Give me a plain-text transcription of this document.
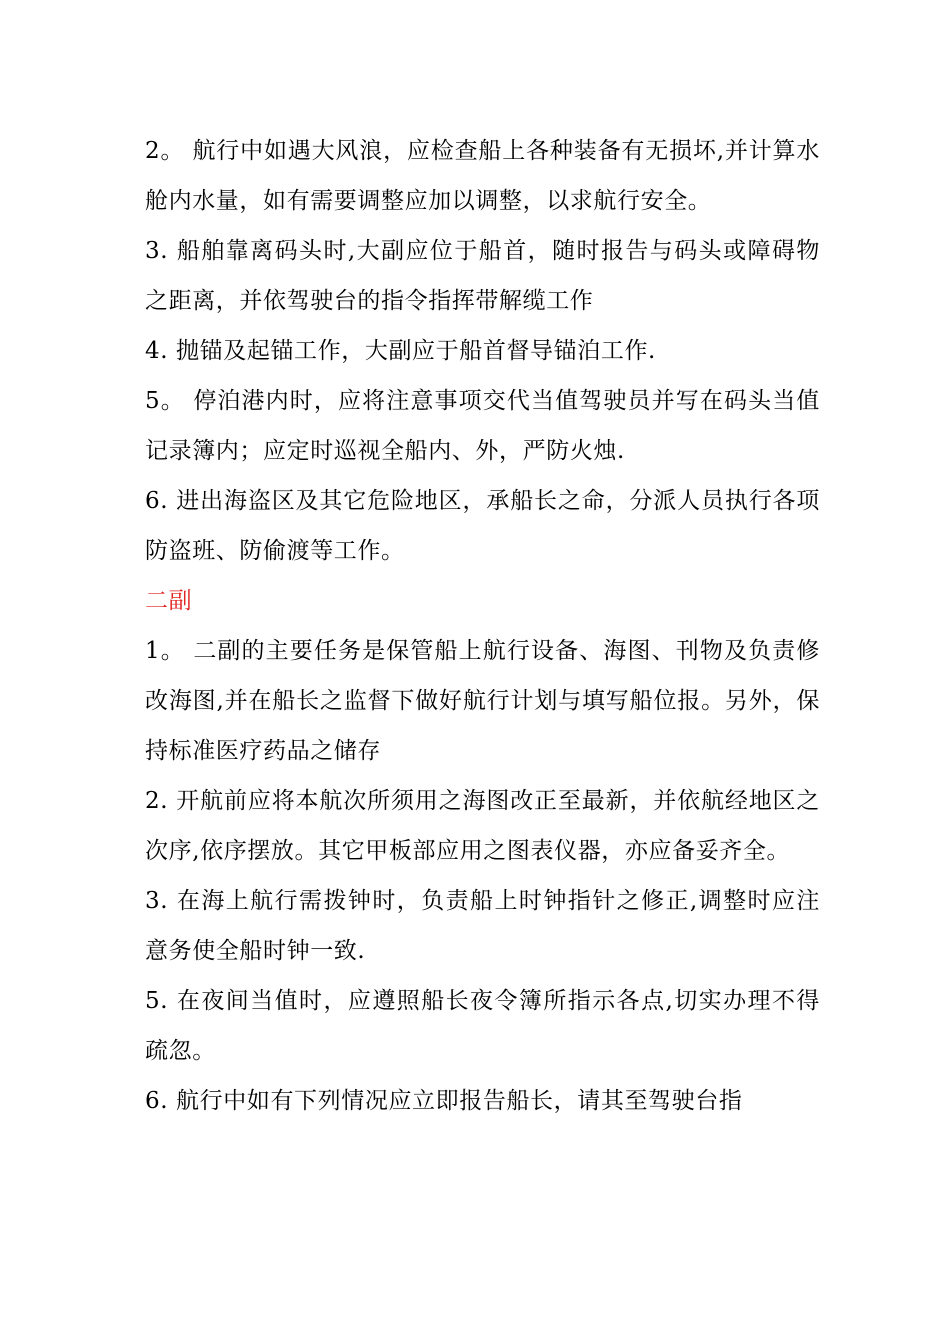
2。 航行中如遇大风浪，应检查船上各种装备有无损坏,并计算水舱内水量，如有需要调整应加以调整，以求航行安全。

3. 船舶靠离码头时,大副应位于船首，随时报告与码头或障碍物之距离，并依驾驶台的指令指挥带解缆工作

4. 抛锚及起锚工作，大副应于船首督导锚泊工作.

5。 停泊港内时，应将注意事项交代当值驾驶员并写在码头当值记录簿内；应定时巡视全船内、外，严防火烛.

6. 进出海盗区及其它危险地区，承船长之命，分派人员执行各项防盗班、防偷渡等工作。

二副

1。 二副的主要任务是保管船上航行设备、海图、刊物及负责修改海图,并在船长之监督下做好航行计划与填写船位报。另外，保持标准医疗药品之储存

2. 开航前应将本航次所须用之海图改正至最新，并依航经地区之次序,依序摆放。其它甲板部应用之图表仪器，亦应备妥齐全。

3. 在海上航行需拨钟时，负责船上时钟指针之修正,调整时应注意务使全船时钟一致.

5. 在夜间当值时，应遵照船长夜令簿所指示各点,切实办理不得疏忽。

6. 航行中如有下列情况应立即报告船长，请其至驾驶台指
